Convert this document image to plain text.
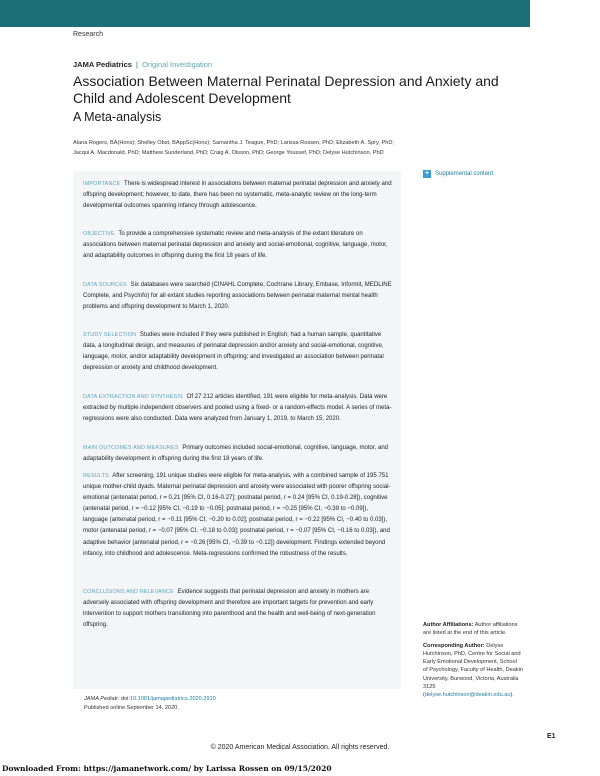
Research
JAMA Pediatrics | Original Investigation
Association Between Maternal Perinatal Depression and Anxiety and Child and Adolescent Development
A Meta-analysis
Alana Rogers, BA(Hons); Shelley Obst, BAppSc(Hons); Samantha J. Teague, PhD; Larissa Rossen, PhD; Elizabeth A. Spry, PhD;
Jacqui A. Macdonald, PhD; Matthew Sunderland, PhD; Craig A. Olsson, PhD; George Youssef, PhD; Delyse Hutchinson, PhD
+ Supplemental content

IMPORTANCE There is widespread interest in associations between maternal perinatal depression and anxiety and offspring development; however, to date, there has been no systematic, meta-analytic review on the long-term developmental outcomes spanning infancy through adolescence.

OBJECTIVE To provide a comprehensive systematic review and meta-analysis of the extant literature on associations between maternal perinatal depression and anxiety and social-emotional, cognitive, language, motor, and adaptability outcomes in offspring during the first 18 years of life.

DATA SOURCES Six databases were searched (CINAHL Complete, Cochrane Library, Embase, Informit, MEDLINE Complete, and PsycInfo) for all extant studies reporting associations between perinatal maternal mental health problems and offspring development to March 1, 2020.

STUDY SELECTION Studies were included if they were published in English; had a human sample, quantitative data, a longitudinal design, and measures of perinatal depression and/or anxiety and social-emotional, cognitive, language, motor, and/or adaptability development in offspring; and investigated an association between perinatal depression or anxiety and childhood development.

DATA EXTRACTION AND SYNTHESIS Of 27 212 articles identified, 191 were eligible for meta-analysis. Data were extracted by multiple independent observers and pooled using a fixed- or a random-effects model. A series of meta-regressions were also conducted. Data were analyzed from January 1, 2019, to March 15, 2020.

MAIN OUTCOMES AND MEASURES Primary outcomes included social-emotional, cognitive, language, motor, and adaptability development in offspring during the first 18 years of life.

RESULTS After screening, 191 unique studies were eligible for meta-analysis, with a combined sample of 195 751 unique mother-child dyads. Maternal perinatal depression and anxiety were associated with poorer offspring social-emotional (antenatal period, r = 0.21 [95% CI, 0.16-0.27]; postnatal period, r = 0.24 [95% CI, 0.19-0.28]), cognitive (antenatal period, r = −0.12 [95% CI, −0.19 to −0.05]; postnatal period, r = −0.25 [95% CI, −0.39 to −0.09]), language (antenatal period, r = −0.11 [95% CI, −0.20 to 0.02]; postnatal period, r = −0.22 [95% CI, −0.40 to 0.03]), motor (antenatal period, r = −0.07 [95% CI, −0.18 to 0.03]; postnatal period, r = −0.07 [95% CI, −0.16 to 0.03]), and adaptive behavior (antenatal period, r = −0.26 [95% CI, −0.39 to −0.12]) development. Findings extended beyond infancy, into childhood and adolescence. Meta-regressions confirmed the robustness of the results.

CONCLUSIONS AND RELEVANCE Evidence suggests that perinatal depression and anxiety in mothers are adversely associated with offspring development and therefore are important targets for prevention and early intervention to support mothers transitioning into parenthood and the health and well-being of next-generation offspring.

JAMA Pediatr. doi:10.1001/jamapediatrics.2020.2910
Published online September 14, 2020.

Author Affiliations: Author affiliations are listed at the end of this article.

Corresponding Author: Delyse Hutchinson, PhD, Centre for Social and Early Emotional Development, School of Psychology, Faculty of Health, Deakin University, Burwood, Victoria, Australia 3125 (delyse.hutchinson@deakin.edu.au).

E1
© 2020 American Medical Association. All rights reserved.
Downloaded From: https://jamanetwork.com/ by Larissa Rossen on 09/15/2020
